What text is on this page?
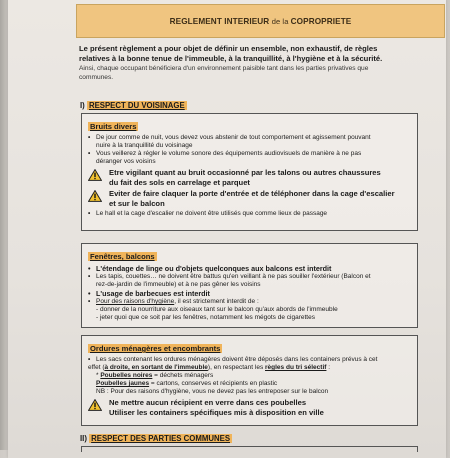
REGLEMENT INTERIEUR de la COPROPRIETE

Le présent règlement a pour objet de définir un ensemble, non exhaustif, de règles

relatives à la bonne tenue de l'immeuble, à la tranquillité, à l'hygiène et à la sécurité.

Ainsi, chaque occupant bénéficiera d'un environnement paisible tant dans les parties privatives que

communes.

I) RESPECT DU VOISINAGE
Bruits divers

• De jour comme de nuit, vous devez vous abstenir de tout comportement et agissement pouvant

nuire à la tranquillité du voisinage

• Vous veillerez à régler le volume sonore des équipements audiovisuels de manière à ne pas

déranger vos voisins

Etre vigilant quant au bruit occasionné par les talons ou autres chaussures

du fait des sols en carrelage et parquet

Eviter de faire claquer la porte d'entrée et de téléphoner dans la cage d'escalier

et sur le balcon

• Le hall et la cage d'escalier ne doivent être utilisés que comme lieux de passage

Fenêtres, balcons

• L'étendage de linge ou d'objets quelconques aux balcons est interdit

• Les tapis, couettes… ne doivent être battus qu'en veillant à ne pas souiller l'extérieur (Balcon et

rez-de-jardin de l'immeuble) et à ne pas gêner les voisins

• L'usage de barbecues est interdit

• Pour des raisons d'hygiène, il est strictement interdit de :

- donner de la nourriture aux oiseaux tant sur le balcon qu'aux abords de l'immeuble

- jeter quoi que ce soit par les fenêtres, notamment les mégots de cigarettes

Ordures ménagères et encombrants

• Les sacs contenant les ordures ménagères doivent être déposés dans les containers prévus à cet

effet (à droite, en sortant de l'immeuble), en respectant les règles du tri sélectif :

* Poubelles noires = déchets ménagers

Poubelles jaunes = cartons, conserves et récipients en plastic

NB : Pour des raisons d'hygiène, vous ne devez pas les entreposer sur le balcon

Ne mettre aucun récipient en verre dans ces poubelles

Utiliser les containers spécifiques mis à disposition en ville

II) RESPECT DES PARTIES COMMUNES
